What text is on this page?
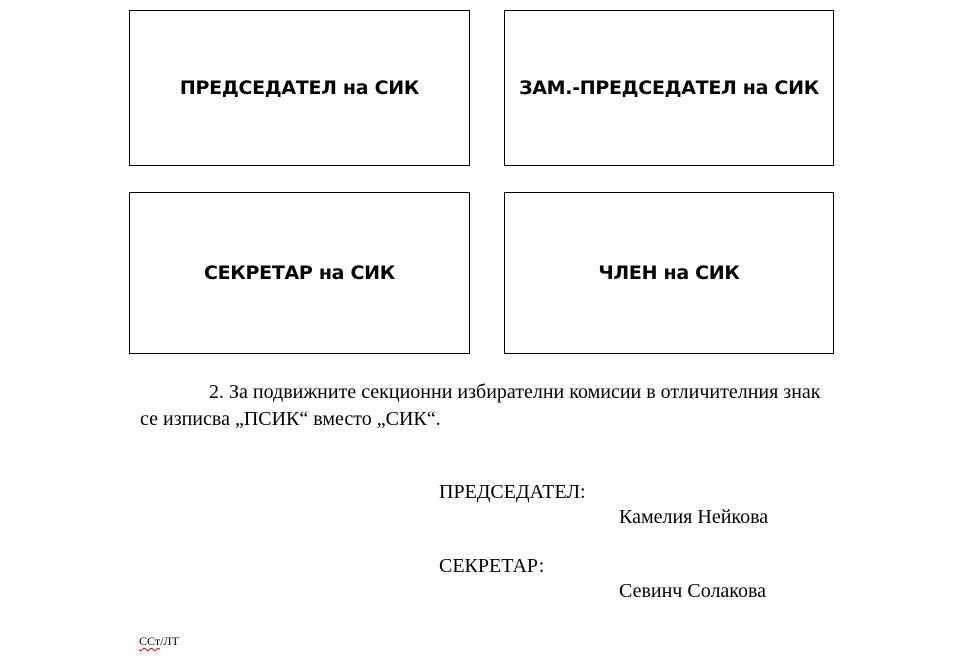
ПРЕДСЕДАТЕЛ на СИК	ЗАМ.-ПРЕДСЕДАТЕЛ на СИК
СЕКРЕТАР на СИК	ЧЛЕН на СИК

2. За подвижните секционни избирателни комисии в отличителния знак се изписва „ПСИК“ вместо „СИК“.

ПРЕДСЕДАТЕЛ:
Камелия Нейкова
СЕКРЕТАР:
Севинч Солакова
ССт/ЛТ
